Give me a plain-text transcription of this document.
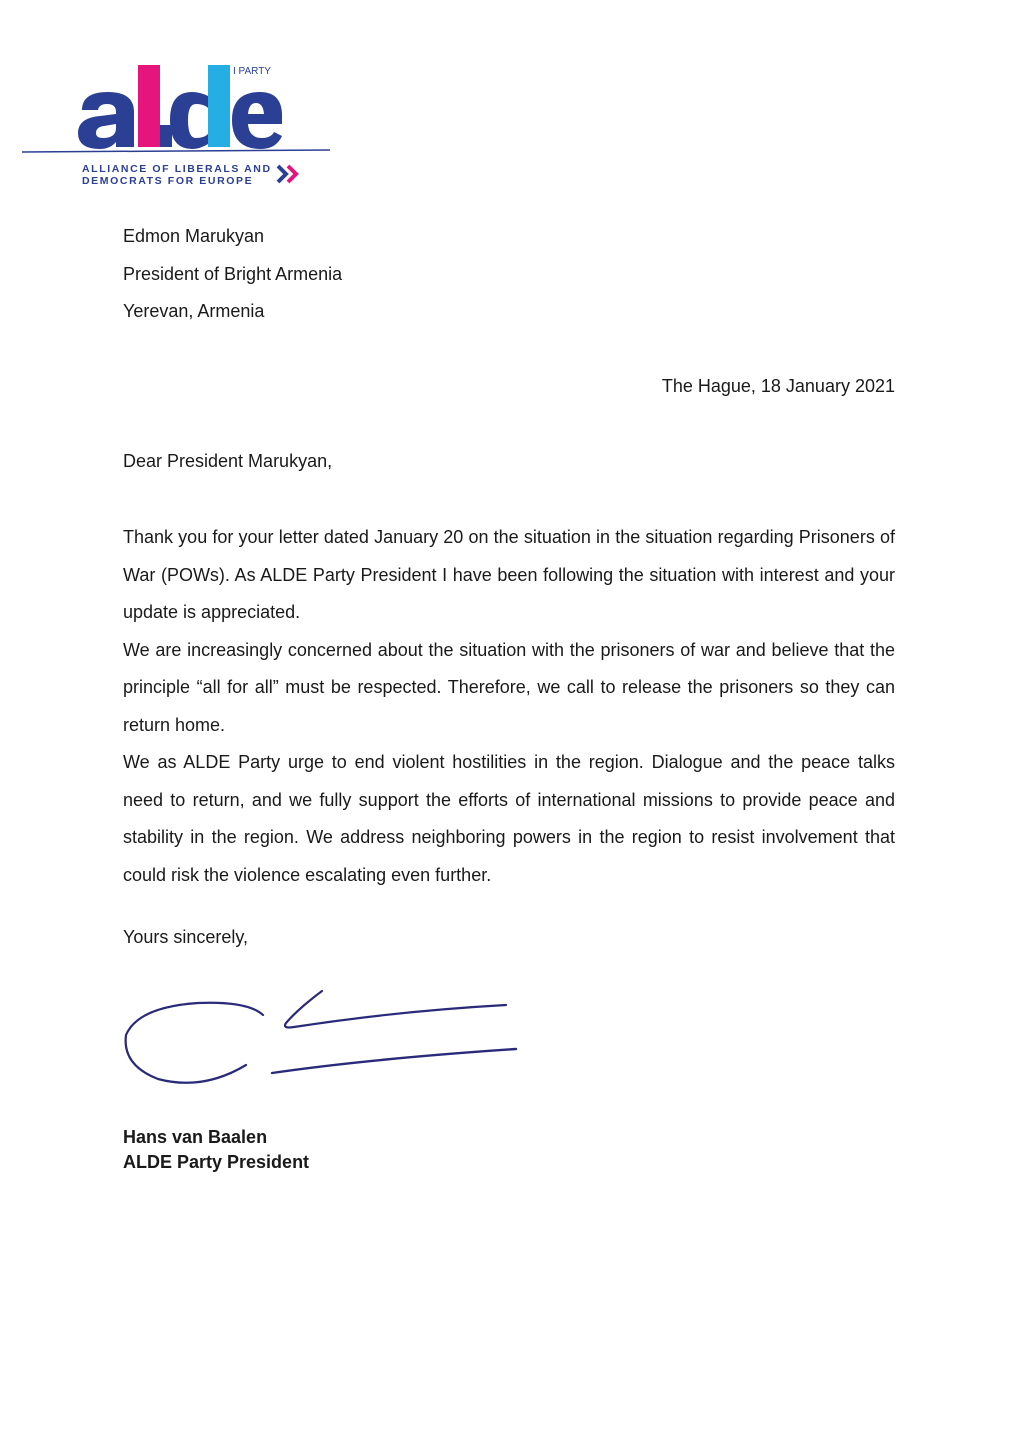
I PARTY
ALLIANCE OF LIBERALS AND
DEMOCRATS FOR EUROPE
Edmon Marukyan
President of Bright Armenia
Yerevan, Armenia
The Hague, 18 January 2021
Dear President Marukyan,

Thank you for your letter dated January 20 on the situation in the situation regarding Prisoners of War (POWs). As ALDE Party President I have been following the situation with interest and your update is appreciated.

We are increasingly concerned about the situation with the prisoners of war and believe that the principle “all for all” must be respected. Therefore, we call to release the prisoners so they can return home.

We as ALDE Party urge to end violent hostilities in the region. Dialogue and the peace talks need to return, and we fully support the efforts of international missions to provide peace and stability in the region. We address neighboring powers in the region to resist involvement that could risk the violence escalating even further.

Yours sincerely,
Hans van Baalen
ALDE Party President
